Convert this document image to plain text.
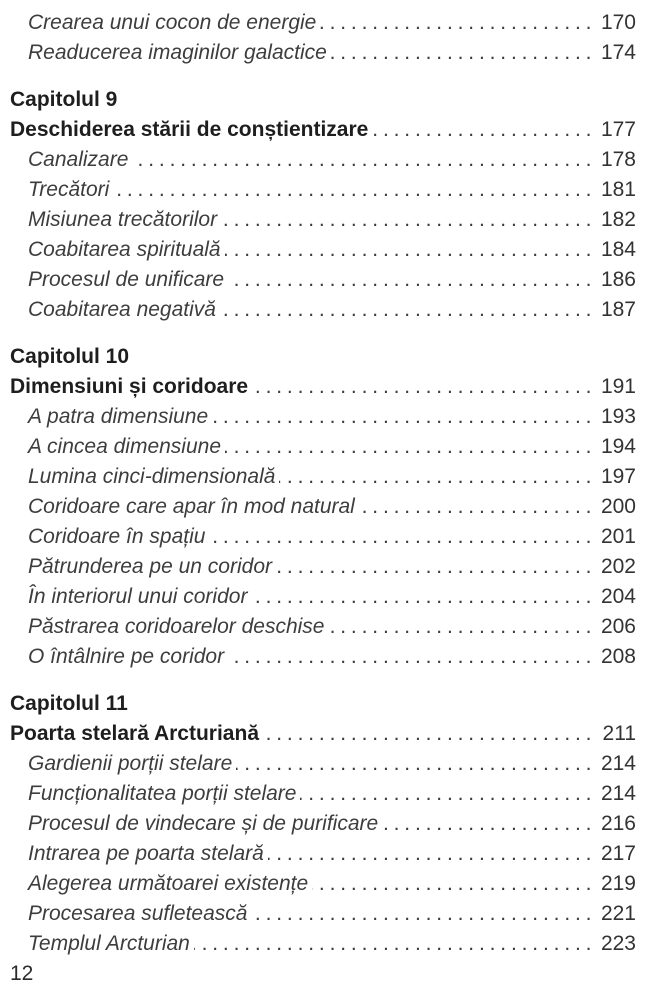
Crearea unui cocon de energie . . .	170
Readucerea imaginilor galactice . . .	174
Capitolul 9
Deschiderea stării de conștientizare . . .	177
Canalizare . . .	178
Trecători . . .	181
Misiunea trecătorilor . . .	182
Coabitarea spirituală . . .	184
Procesul de unificare . . .	186
Coabitarea negativă . . .	187
Capitolul 10
Dimensiuni și coridoare . . .	191
A patra dimensiune . . .	193
A cincea dimensiune . . .	194
Lumina cinci-dimensională . . .	197
Coridoare care apar în mod natural . . .	200
Coridoare în spațiu . . .	201
Pătrunderea pe un coridor . . .	202
În interiorul unui coridor . . .	204
Păstrarea coridoarelor deschise . . .	206
O întâlnire pe coridor . . .	208
Capitolul 11
Poarta stelară Arcturiană . . .	211
Gardienii porții stelare . . .	214
Funcționalitatea porții stelare . . .	214
Procesul de vindecare și de purificare . . .	216
Intrarea pe poarta stelară . . .	217
Alegerea următoarei existențe . . .	219
Procesarea sufletească . . .	221
Templul Arcturian . . .	223
12
